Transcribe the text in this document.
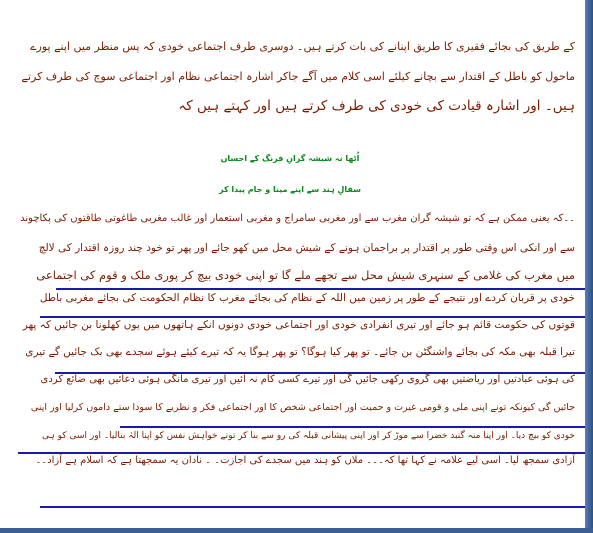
کے طریق کی بجائے فقیری کا طریق اپنانے کی بات کرتے ہیں۔ دوسری طرف اجتماعی خودی کہ پس منظر میں اپنے پورے
ماحول کو باطل کے اقتدار سے بچانے کیلئے اسی کلام میں آگے جاکر اشارہ اجتماعی نظام اور اجتماعی سوچ کی طرف کرتے
ہیں۔ اور اشارہ قیادت کی خودی کی طرف کرتے ہیں اور کہتے ہیں کہ
اُٹھا نہ شیشہ گرانِ فرنگ کے احساں
سفالِ ہند سے اپنے مینا و جام پیدا کر
۔۔کہ یعنی ممکن ہے کہ تو شیشہ گران مغرب سے اور مغربی سامراج و مغربی استعمار اور غالب مغربی طاغوتی طاقتوں کی پکاچوند
سے اور انکی اس وقتی طور پر اقتدار پر براجمان ہونے کے شیش محل میں کھو جائے اور پھر تو خود چند روزہ اقتدار کی لالچ
میں مغرب کی غلامی کے سنہری شیش محل سے تجھے ملے گا تو اپنی خودی بیچ کر پوری ملک و قوم کی اجتماعی
خودی پر قربان کردے اور نتیجے کے طور پر زمین میں اللہ کے نظام کی بجائے مغرب کا نظام الحکومت کی بجائے مغربی باطل
قوتوں کی حکومت قائم ہو جائے اور تیری انفرادی خودی اور اجتماعی خودی دونوں انکے ہاتھوں میں یوں کھلونا بن جائیں کہ پھر
تیرا قبلہ بھی مکہ کی بجائے واشنگٹن بن جائے۔ تو پھر کیا ہوگا؟ تو پھر ہوگا یہ کہ تیرے کیئے ہوئے سجدے بھی بک جائیں گے تیری
کی ہوئی عبادتیں اور ریاضتیں بھی گروی رکھی جائیں گی اور تیرے کسی کام نہ آئیں اور تیری مانگی ہوئی دعائیں بھی ضائع کردی
جائیں گی کیونکہ تونے اپنی ملی و قومی غیرت و حمیت اور اجتماعی شخص کا اور اجتماعی فکر و نظریے کا سودا ستے داموں کرلیا اور اپنی
خودی کو بیچ دیا۔ اور اپنا منہ گنبد خضرا سے موڑ کر اور اپنی پیشانی قبلہ کی رو سے بنا کر تونے خواہش نفس کو اپنا الہٰ بنالیا۔ اور اسی کو ہی
آزادی سمجھ لیا۔ اسی لیے علامہ نے کہا تھا کہ۔۔۔ ملاں کو ہند میں سجدے کی اجازت۔ ۔ نادان یہ سمجھتا ہے کہ اسلام ہے آزاد۔۔
